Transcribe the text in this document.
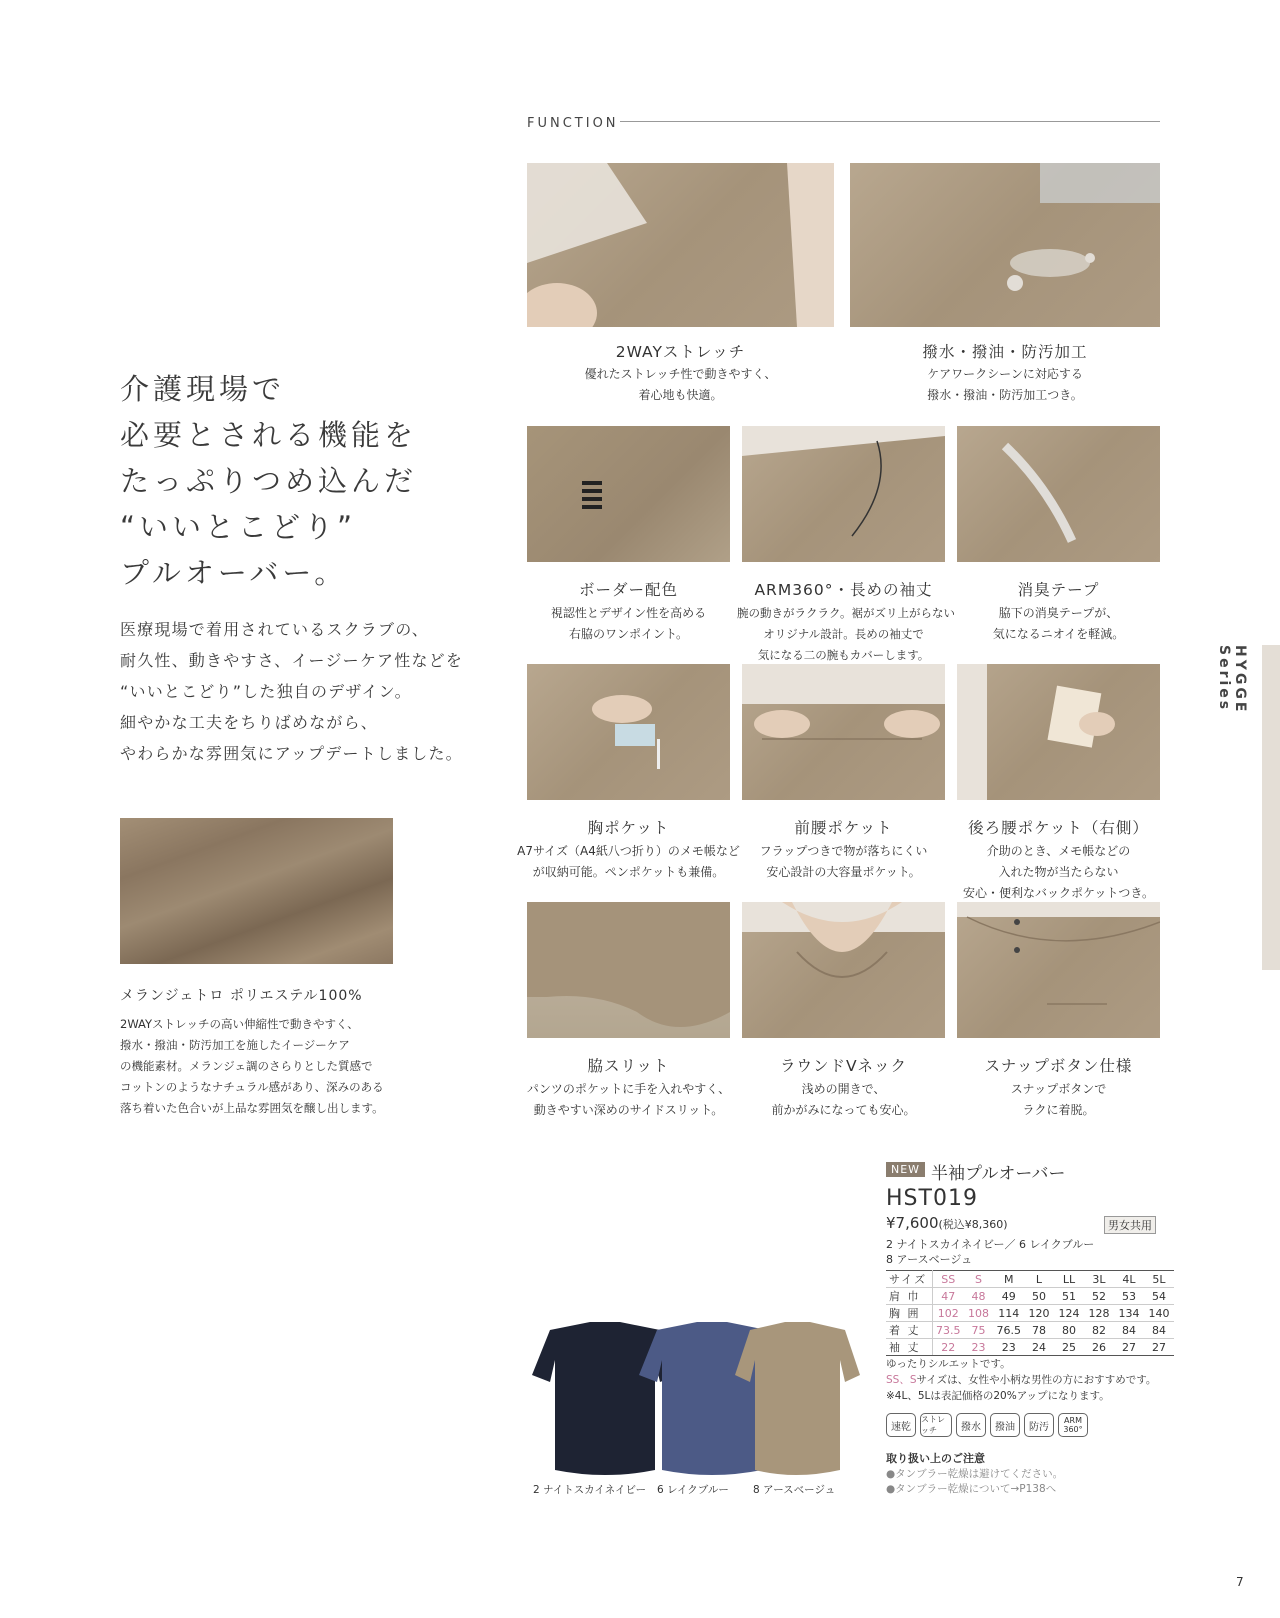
FUNCTION
介護現場で
必要とされる機能を
たっぷりつめ込んだ
“いいとこどり”
プルオーバー。
医療現場で着用されているスクラブの、
耐久性、動きやすさ、イージーケア性などを
“いいとこどり”した独自のデザイン。
細やかな工夫をちりばめながら、
やわらかな雰囲気にアップデートしました。
メランジェトロ ポリエステル100%
2WAYストレッチの高い伸縮性で動きやすく、
撥水・撥油・防汚加工を施したイージーケア
の機能素材。メランジェ調のさらりとした質感で
コットンのようなナチュラル感があり、深みのある
落ち着いた色合いが上品な雰囲気を醸し出します。
2WAYストレッチ
優れたストレッチ性で動きやすく、
着心地も快適。
撥水・撥油・防汚加工
ケアワークシーンに対応する
撥水・撥油・防汚加工つき。
ボーダー配色
視認性とデザイン性を高める
右脇のワンポイント。
ARM360°・長めの袖丈
腕の動きがラクラク。裾がズリ上がらない
オリジナル設計。長めの袖丈で
気になる二の腕もカバーします。
消臭テープ
脇下の消臭テープが、
気になるニオイを軽減。
胸ポケット
A7サイズ（A4紙八つ折り）のメモ帳など
が収納可能。ペンポケットも兼備。
前腰ポケット
フラップつきで物が落ちにくい
安心設計の大容量ポケット。
後ろ腰ポケット（右側）
介助のとき、メモ帳などの
入れた物が当たらない
安心・便利なバックポケットつき。
脇スリット
パンツのポケットに手を入れやすく、
動きやすい深めのサイドスリット。
ラウンドVネック
浅めの開きで、
前かがみになっても安心。
スナップボタン仕様
スナップボタンで
ラクに着脱。
HYGGE Series
2 ナイトスカイネイビー 6 レイクブルー 8 アースベージュ
NEW 半袖プルオーバー
HST019
¥7,600(税込¥8,360)	男女共用
2 ナイトスカイネイビー／ 6 レイクブルー
8 アースベージュ
サイズ	SS	S	M	L	LL	3L	4L	5L
肩 巾	47	48	49	50	51	52	53	54
胸 囲	102	108	114	120	124	128	134	140
着 丈	73.5	75	76.5	78	80	82	84	84
袖 丈	22	23	23	24	25	26	27	27
ゆったりシルエットです。
SS、Sサイズは、女性や小柄な男性の方におすすめです。
※4L、5Lは表記価格の20%アップになります。
速乾
ストレッチ	撥水	撥油	防汚
ARM 360°
取り扱い上のご注意
●タンブラー乾燥は避けてください。
●タンブラー乾燥について→P138へ
7
